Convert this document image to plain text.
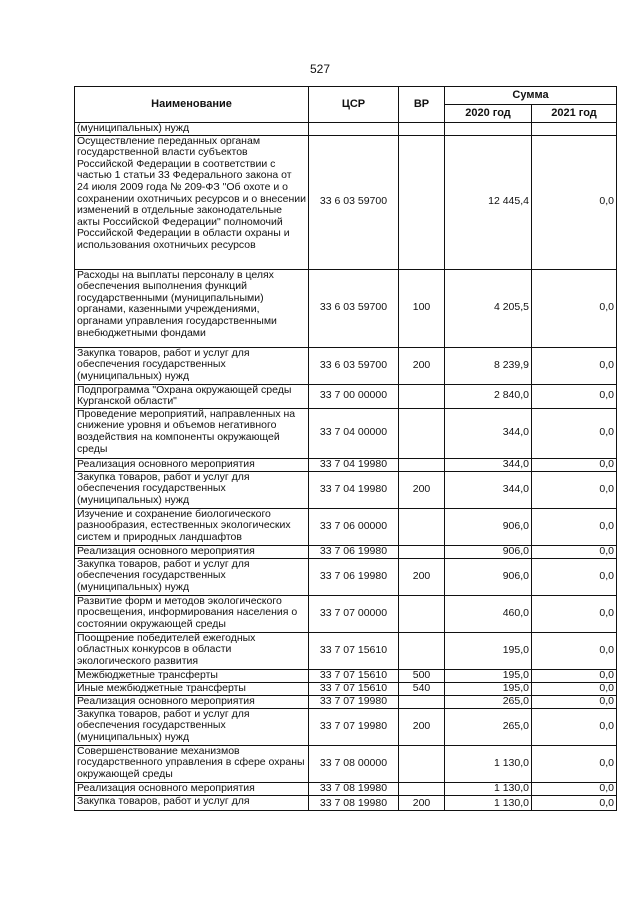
527
Наименование	ЦСР	ВР	Сумма	
			2020 год	2021 год
(муниципальных) нужд				
Осуществление переданных органам государственной власти субъектов Российской Федерации в соответствии с частью 1 статьи 33 Федерального закона от 24 июля 2009 года № 209-ФЗ "Об охоте и о сохранении охотничьих ресурсов и о внесении изменений в отдельные законодательные акты Российской Федерации" полномочий Российской Федерации в области охраны и использования охотничьих ресурсов	33 6 03 59700		12 445,4	0,0
Расходы на выплаты персоналу в целях обеспечения выполнения функций государственными (муниципальными) органами, казенными учреждениями, органами управления государственными внебюджетными фондами	33 6 03 59700	100	4 205,5	0,0
Закупка товаров, работ и услуг для обеспечения государственных (муниципальных) нужд	33 6 03 59700	200	8 239,9	0,0
Подпрограмма "Охрана окружающей среды Курганской области"	33 7 00 00000		2 840,0	0,0
Проведение мероприятий, направленных на снижение уровня и объемов негативного воздействия на компоненты окружающей среды	33 7 04 00000		344,0	0,0
Реализация основного мероприятия	33 7 04 19980		344,0	0,0
Закупка товаров, работ и услуг для обеспечения государственных (муниципальных) нужд	33 7 04 19980	200	344,0	0,0
Изучение и сохранение биологического разнообразия, естественных экологических систем и природных ландшафтов	33 7 06 00000		906,0	0,0
Реализация основного мероприятия	33 7 06 19980		906,0	0,0
Закупка товаров, работ и услуг для обеспечения государственных (муниципальных) нужд	33 7 06 19980	200	906,0	0,0
Развитие форм и методов экологического просвещения, информирования населения о состоянии окружающей среды	33 7 07 00000		460,0	0,0
Поощрение победителей ежегодных областных конкурсов в области экологического развития	33 7 07 15610		195,0	0,0
Межбюджетные трансферты	33 7 07 15610	500	195,0	0,0
Иные межбюджетные трансферты	33 7 07 15610	540	195,0	0,0
Реализация основного мероприятия	33 7 07 19980		265,0	0,0
Закупка товаров, работ и услуг для обеспечения государственных (муниципальных) нужд	33 7 07 19980	200	265,0	0,0
Совершенствование механизмов государственного управления в сфере охраны окружающей среды	33 7 08 00000		1 130,0	0,0
Реализация основного мероприятия	33 7 08 19980		1 130,0	0,0
Закупка товаров, работ и услуг для	33 7 08 19980	200	1 130,0	0,0
